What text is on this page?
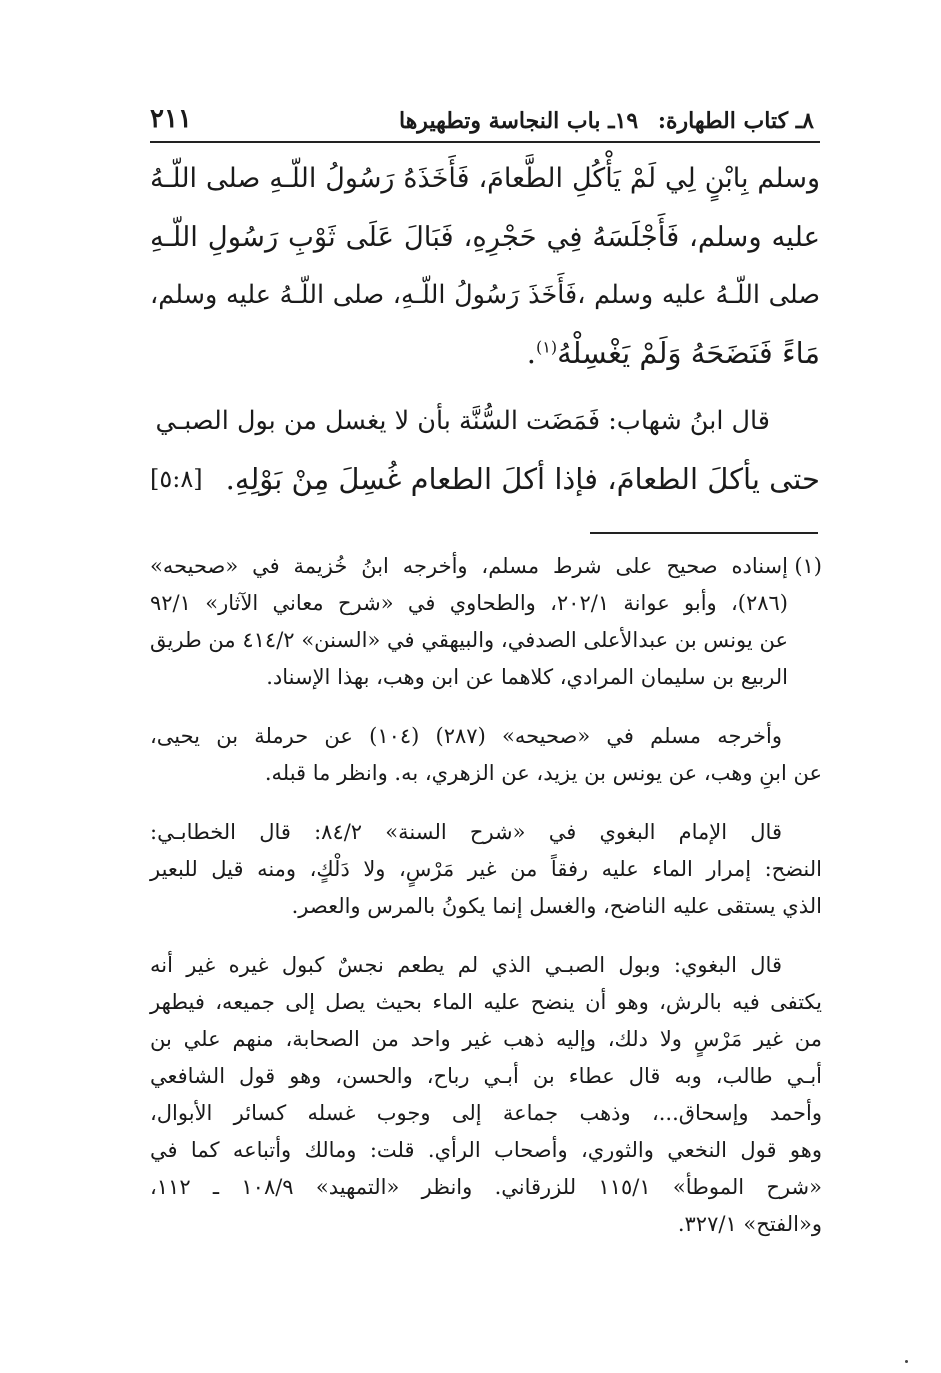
٨ـ كتاب الطهارة: ١٩ـ باب النجاسة وتطهيرها
٢١١
وسلم بِابْنٍ لِي لَمْ يَأْكُلِ الطَّعامَ، فَأَخَذَهُ رَسُولُ اللّـهِ صلى اللّـهُ
عليه وسلم، فَأَجْلَسَهُ فِي حَجْرِهِ، فَبَالَ عَلَى ثَوْبِ رَسُولِ اللّـهِ
صلى اللّـهُ عليه وسلم ،فَأَخَذَ رَسُولُ اللّـهِ، صلى اللّـهُ عليه وسلم،
مَاءً فَنَضَحَهُ وَلَمْ يَغْسِلْهُ$^{(١)}$.
قال ابنُ شهاب: فَمَضَت السُّنَّة بأن لا يغسل من بول الصبـي
حتى يأكلَ الطعامَ، فإذا أكلَ الطعام غُسِلَ مِنْ بَوْلِهِ.
[٥:٨]
(١)إسناده صحيح على شرط مسلم، وأخرجه ابنُ خُزيمة في «صحيحه»
(٢٨٦)، وأبو عوانة ٢٠٢/١، والطحاوي في «شرح معاني الآثار» ٩٢/١
عن يونس بن عبدالأعلى الصدفي، والبيهقي في «السنن» ٤١٤/٢ من طريق
الربيع بن سليمان المرادي، كلاهما عن ابن وهب، بهذا الإسناد.
وأخرجه مسلم في «صحيحه» (٢٨٧) (١٠٤) عن حرملة بن يحيى،
عن ابنِ وهب، عن يونس بن يزيد، عن الزهري، به. وانظر ما قبله.
قال الإمام البغوي في «شرح السنة» ٨٤/٢: قال الخطابـي:
النضح: إمرار الماء عليه رفقاً من غير مَرْسٍ، ولا دَلْكٍ، ومنه قيل للبعير
الذي يستقى عليه الناضح، والغسل إنما يكونُ بالمرس والعصر.
قال البغوي: وبول الصبـي الذي لم يطعم نجسٌ كبول غيره غير أنه
يكتفى فيه بالرش، وهو أن ينضح عليه الماء بحيث يصل إلى جميعه، فيطهر
من غير مَرْسٍ ولا دلك، وإليه ذهب غير واحد من الصحابة، منهم علي بن
أبـي طالب، وبه قال عطاء بن أبـي رباح، والحسن، وهو قول الشافعي
وأحمد وإسحاق...، وذهب جماعة إلى وجوب غسله كسائر الأبوال،
وهو قول النخعي والثوري، وأصحاب الرأي. قلت: ومالك وأتباعه كما في
«شرح الموطأ» ١١٥/١ للزرقاني. وانظر «التمهيد» ١٠٨/٩ ـ ١١٢،
و«الفتح» ٣٢٧/١.
